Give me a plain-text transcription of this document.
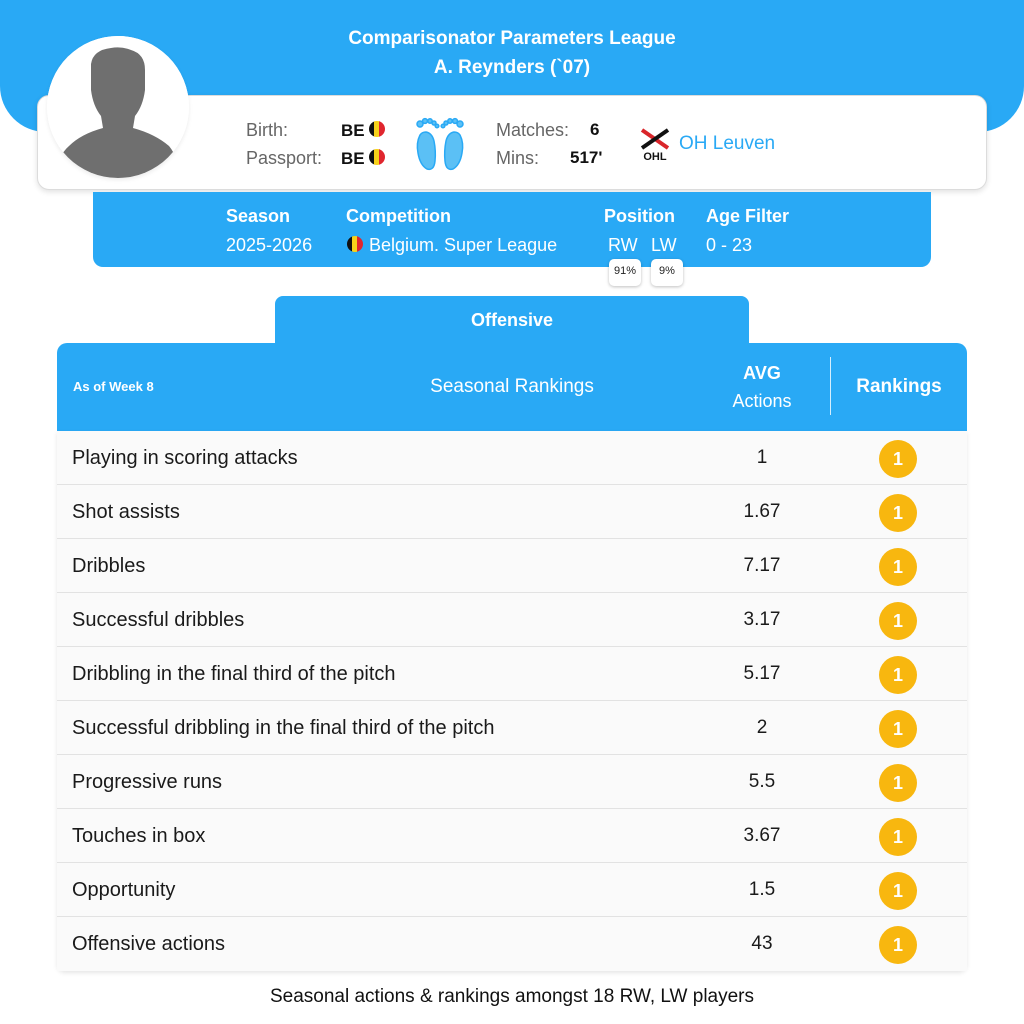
Comparisonator Parameters League
A. Reynders (`07)
Birth:	BE
Passport: BE
Matches: 6
Mins: 517'	OHL
OH Leuven
Season
2025-2026
Competition
Belgium. Super League
Position
RW LW
91%	9%
Age Filter
0 - 23
Offensive
As of Week 8	Seasonal Rankings
AVG
Actions
Rankings
Playing in scoring attacks	1	1
Shot assists	1.67	1
Dribbles	7.17	1
Successful dribbles	3.17	1
Dribbling in the final third of the pitch	5.17	1
Successful dribbling in the final third of the pitch	2	1
Progressive runs	5.5	1
Touches in box	3.67	1
Opportunity	1.5	1
Offensive actions	43	1
Seasonal actions & rankings amongst 18 RW, LW players
